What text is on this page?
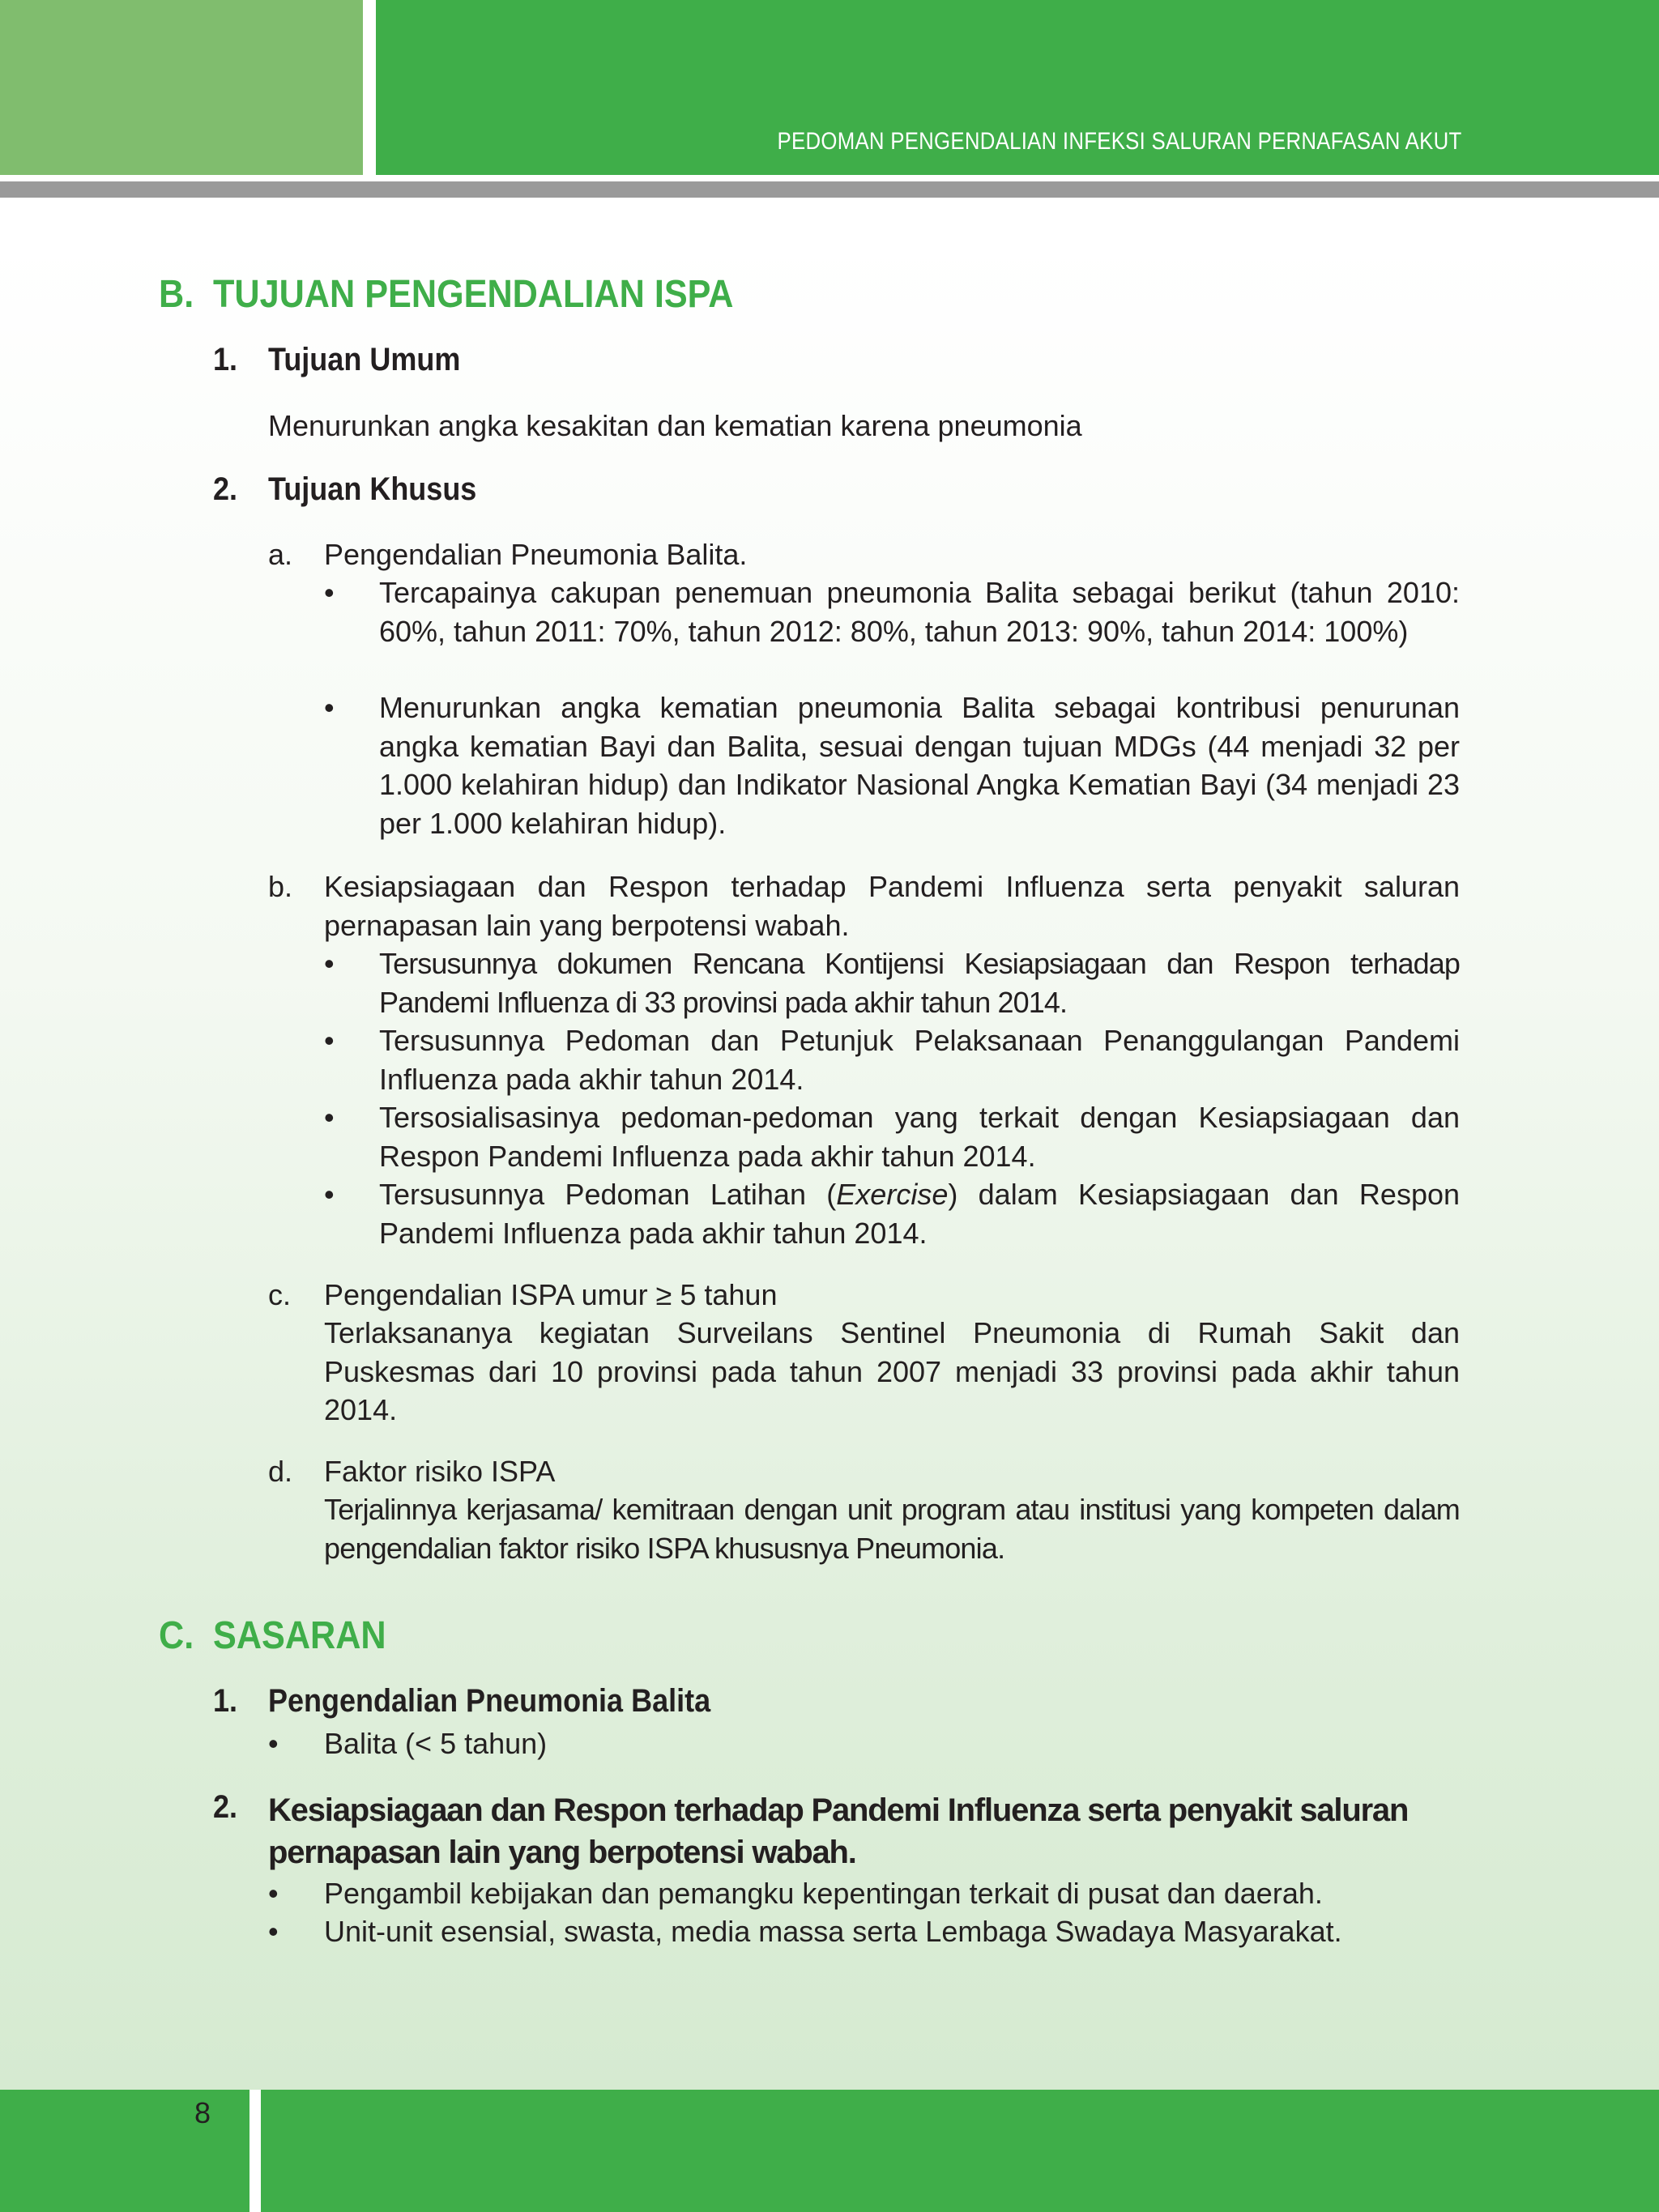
PEDOMAN PENGENDALIAN INFEKSI SALURAN PERNAFASAN AKUT
B. TUJUAN PENGENDALIAN ISPA
1. Tujuan Umum
Menurunkan angka kesakitan dan kematian karena pneumonia
2. Tujuan Khusus
a. Pengendalian Pneumonia Balita.
• Tercapainya cakupan penemuan pneumonia Balita sebagai berikut (tahun 2010: 60%, tahun 2011: 70%, tahun 2012: 80%, tahun 2013: 90%, tahun 2014: 100%)
• Menurunkan angka kematian pneumonia Balita sebagai kontribusi penurunan angka kematian Bayi dan Balita, sesuai dengan tujuan MDGs (44 menjadi 32 per 1.000 kelahiran hidup) dan Indikator Nasional Angka Kematian Bayi (34 menjadi 23 per 1.000 kelahiran hidup).
b. Kesiapsiagaan dan Respon terhadap Pandemi Influenza serta penyakit saluran pernapasan lain yang berpotensi wabah.
• Tersusunnya dokumen Rencana Kontijensi Kesiapsiagaan dan Respon terhadap Pandemi Influenza di 33 provinsi pada akhir tahun 2014.
• Tersusunnya Pedoman dan Petunjuk Pelaksanaan Penanggulangan Pandemi Influenza pada akhir tahun 2014.
• Tersosialisasinya pedoman-pedoman yang terkait dengan Kesiapsiagaan dan Respon Pandemi Influenza pada akhir tahun 2014.
• Tersusunnya Pedoman Latihan (Exercise) dalam Kesiapsiagaan dan Respon Pandemi Influenza pada akhir tahun 2014.
c. Pengendalian ISPA umur ≥ 5 tahun
Terlaksananya kegiatan Surveilans Sentinel Pneumonia di Rumah Sakit dan Puskesmas dari 10 provinsi pada tahun 2007 menjadi 33 provinsi pada akhir tahun 2014.
d. Faktor risiko ISPA
Terjalinnya kerjasama/ kemitraan dengan unit program atau institusi yang kompeten dalam pengendalian faktor risiko ISPA khususnya Pneumonia.
C. SASARAN
1. Pengendalian Pneumonia Balita
• Balita (< 5 tahun)
2. Kesiapsiagaan dan Respon terhadap Pandemi Influenza serta penyakit saluran pernapasan lain yang berpotensi wabah.
• Pengambil kebijakan dan pemangku kepentingan terkait di pusat dan daerah.
• Unit-unit esensial, swasta, media massa serta Lembaga Swadaya Masyarakat.
8
